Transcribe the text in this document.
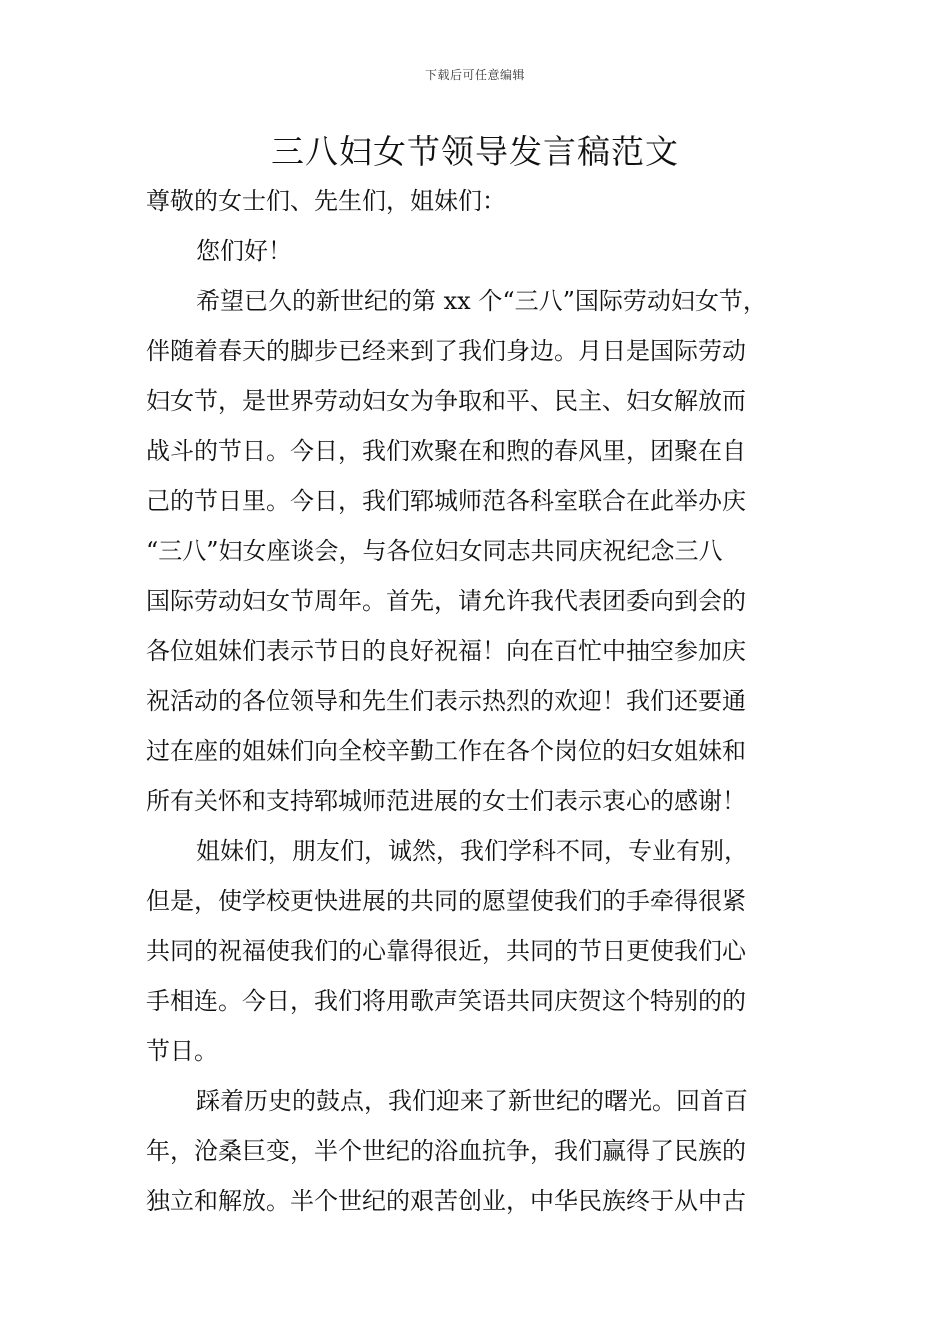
下载后可任意编辑
三八妇女节领导发言稿范文
尊敬的女士们、先生们，姐妹们：
您们好！
希望已久的新世纪的第 xx 个“三八”国际劳动妇女节，
伴随着春天的脚步已经来到了我们身边。月日是国际劳动
妇女节，是世界劳动妇女为争取和平、民主、妇女解放而
战斗的节日。今日，我们欢聚在和煦的春风里，团聚在自
己的节日里。今日，我们郓城师范各科室联合在此举办庆
“三八”妇女座谈会，与各位妇女同志共同庆祝纪念三八
国际劳动妇女节周年。首先，请允许我代表团委向到会的
各位姐妹们表示节日的良好祝福！向在百忙中抽空参加庆
祝活动的各位领导和先生们表示热烈的欢迎！我们还要通
过在座的姐妹们向全校辛勤工作在各个岗位的妇女姐妹和
所有关怀和支持郓城师范进展的女士们表示衷心的感谢！
姐妹们，朋友们，诚然，我们学科不同，专业有别，
但是，使学校更快进展的共同的愿望使我们的手牵得很紧
共同的祝福使我们的心靠得很近，共同的节日更使我们心
手相连。今日，我们将用歌声笑语共同庆贺这个特别的的
节日。
踩着历史的鼓点，我们迎来了新世纪的曙光。回首百
年，沧桑巨变，半个世纪的浴血抗争，我们赢得了民族的
独立和解放。半个世纪的艰苦创业，中华民族终于从中古
